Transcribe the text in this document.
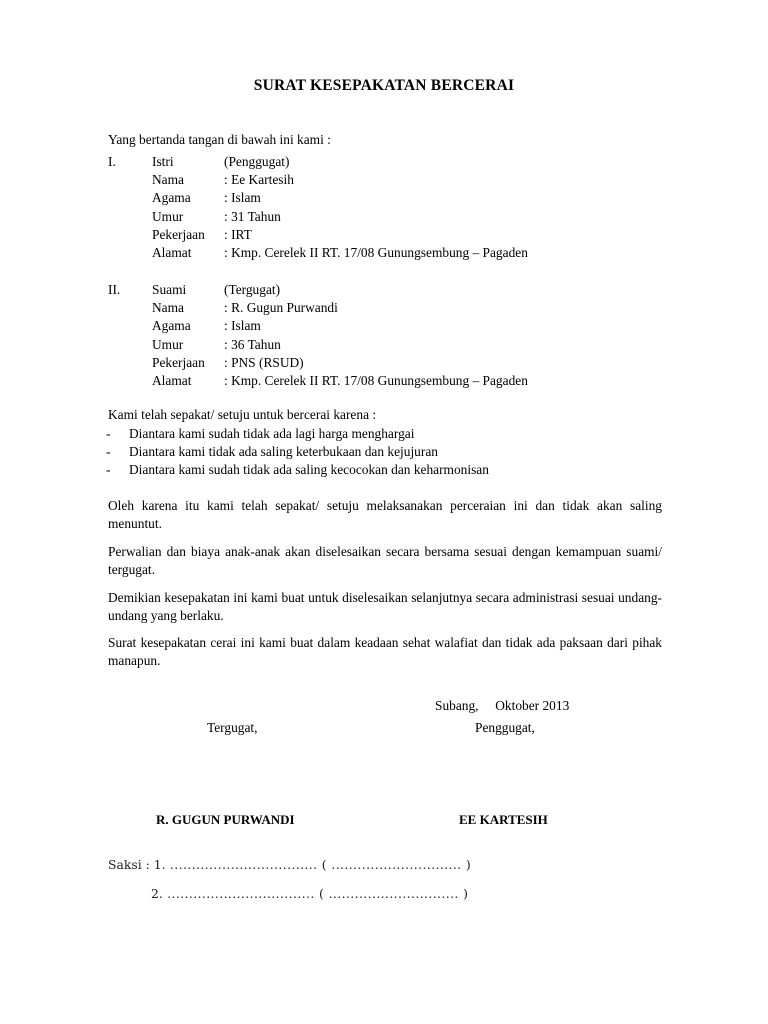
SURAT KESEPAKATAN BERCERAI
Yang bertanda tangan di bawah ini kami :
I.	Istri	(Penggugat)
Nama	: Ee Kartesih
Agama : Islam
Umur	: 31 Tahun
Pekerjaan : IRT
Alamat : Kmp. Cerelek II RT. 17/08 Gunungsembung – Pagaden
II. Suami	(Tergugat)
Nama	: R. Gugun Purwandi
Agama : Islam
Umur	: 36 Tahun
Pekerjaan : PNS (RSUD)
Alamat : Kmp. Cerelek II RT. 17/08 Gunungsembung – Pagaden
Kami telah sepakat/ setuju untuk bercerai karena :
- Diantara kami sudah tidak ada lagi harga menghargai
- Diantara kami tidak ada saling keterbukaan dan kejujuran
- Diantara kami sudah tidak ada saling kecocokan dan keharmonisan

Oleh karena itu kami telah sepakat/ setuju melaksanakan perceraian ini dan tidak akan saling menuntut.

Perwalian dan biaya anak-anak akan diselesaikan secara bersama sesuai dengan kemampuan suami/ tergugat.

Demikian kesepakatan ini kami buat untuk diselesaikan selanjutnya secara administrasi sesuai undang-undang yang berlaku.

Surat kesepakatan cerai ini kami buat dalam keadaan sehat walafiat dan tidak ada paksaan dari pihak manapun.

Subang,     Oktober 2013
Tergugat,	Penggugat,
R. GUGUN PURWANDI	EE KARTESIH
Saksi : 1. .................................. ( .............................. )
2. .................................. ( .............................. )
